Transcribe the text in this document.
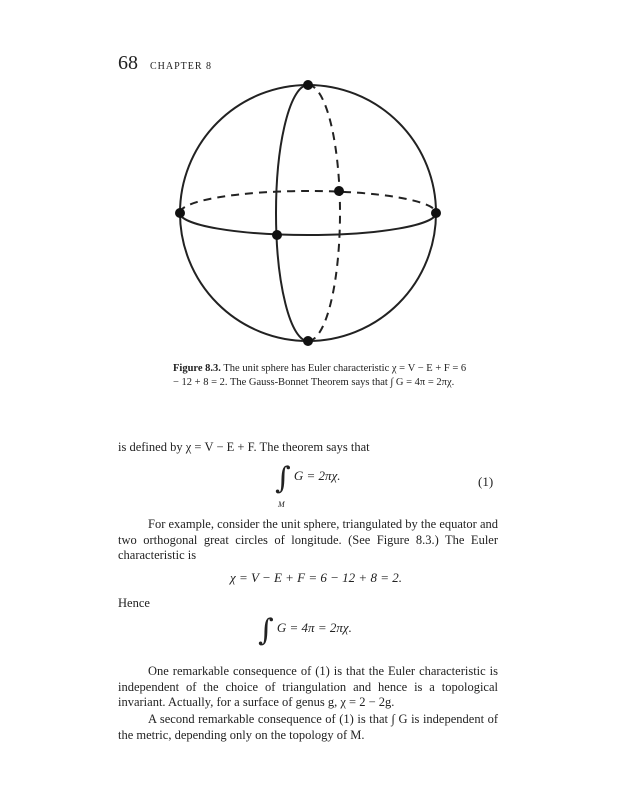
68 CHAPTER 8
Figure 8.3. The unit sphere has Euler characteristic χ = V − E + F = 6 − 12 + 8 = 2. The Gauss-Bonnet Theorem says that ∫ G = 4π = 2πχ.
is defined by χ = V − E + F. The theorem says that
∫ G = 2πχ.
M
(1)
For example, consider the unit sphere, triangulated by the equator and two orthogonal great circles of longitude. (See Figure 8.3.) The Euler characteristic is
χ = V − E + F = 6 − 12 + 8 = 2.
Hence
∫ G = 4π = 2πχ.
One remarkable consequence of (1) is that the Euler characteristic is independent of the choice of triangulation and hence is a topological invariant. Actually, for a surface of genus g, χ = 2 − 2g.
A second remarkable consequence of (1) is that ∫ G is independent of the metric, depending only on the topology of M.
